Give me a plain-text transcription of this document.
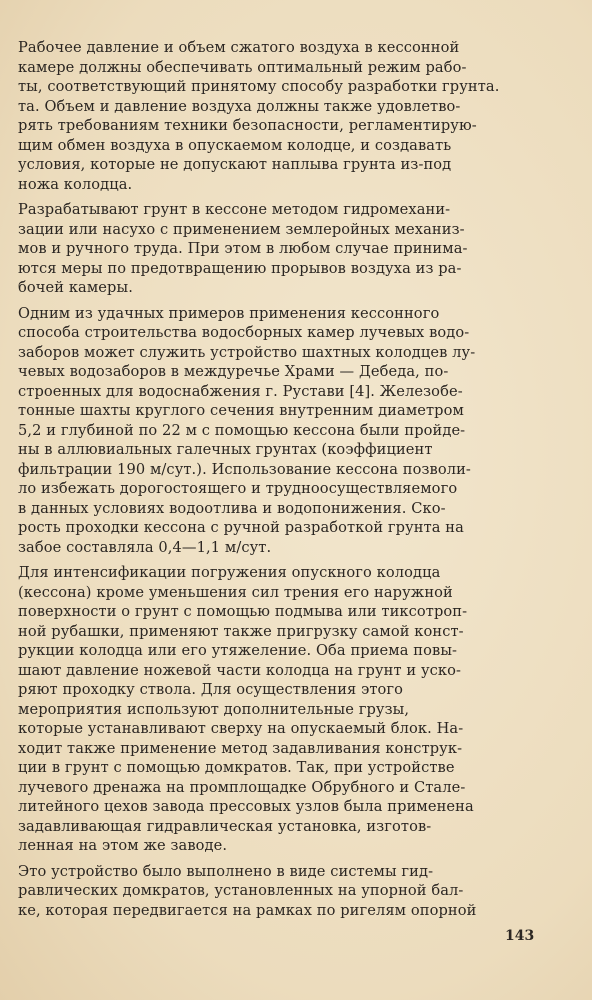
Рабочее давление и объем сжатого воздуха в кессонной
камере должны обеспечивать оптимальный режим рабо-
ты, соответствующий принятому способу разработки грунта.
та. Объем и давление воздуха должны также удовлетво-
рять требованиям техники безопасности, регламентирую-
щим обмен воздуха в опускаемом колодце, и создавать
условия, которые не допускают наплыва грунта из-под
ножа колодца.

Разрабатывают грунт в кессоне методом гидромехани-
зации или насухо с применением землеройных механиз-
мов и ручного труда. При этом в любом случае принима-
ются меры по предотвращению прорывов воздуха из ра-
бочей камеры.

Одним из удачных примеров применения кессонного
способа строительства водосборных камер лучевых водо-
заборов может служить устройство шахтных колодцев лу-
чевых водозаборов в междуречье Храми — Дебеда, по-
строенных для водоснабжения г. Рустави [4]. Железобе-
тонные шахты круглого сечения внутренним диаметром
5,2 и глубиной по 22 м с помощью кессона были пройде-
ны в аллювиальных галечных грунтах (коэффициент
фильтрации 190 м/сут.). Использование кессона позволи-
ло избежать дорогостоящего и трудноосуществляемого
в данных условиях водоотлива и водопонижения. Ско-
рость проходки кессона с ручной разработкой грунта на
забое составляла 0,4—1,1 м/сут.

Для интенсификации погружения опускного колодца
(кессона) кроме уменьшения сил трения его наружной
поверхности о грунт с помощью подмыва или тиксотроп-
ной рубашки, применяют также пригрузку самой конст-
рукции колодца или его утяжеление. Оба приема повы-
шают давление ножевой части колодца на грунт и уско-
ряют проходку ствола. Для осуществления этого
мероприятия используют дополнительные грузы,
которые устанавливают сверху на опускаемый блок. На-
ходит также применение метод задавливания конструк-
ции в грунт с помощью домкратов. Так, при устройстве
лучевого дренажа на промплощадке Обрубного и Стале-
литейного цехов завода прессовых узлов была применена
задавливающая гидравлическая установка, изготов-
ленная на этом же заводе.

Это устройство было выполнено в виде системы гид-
равлических домкратов, установленных на упорной бал-
ке, которая передвигается на рамках по ригелям опорной

143
